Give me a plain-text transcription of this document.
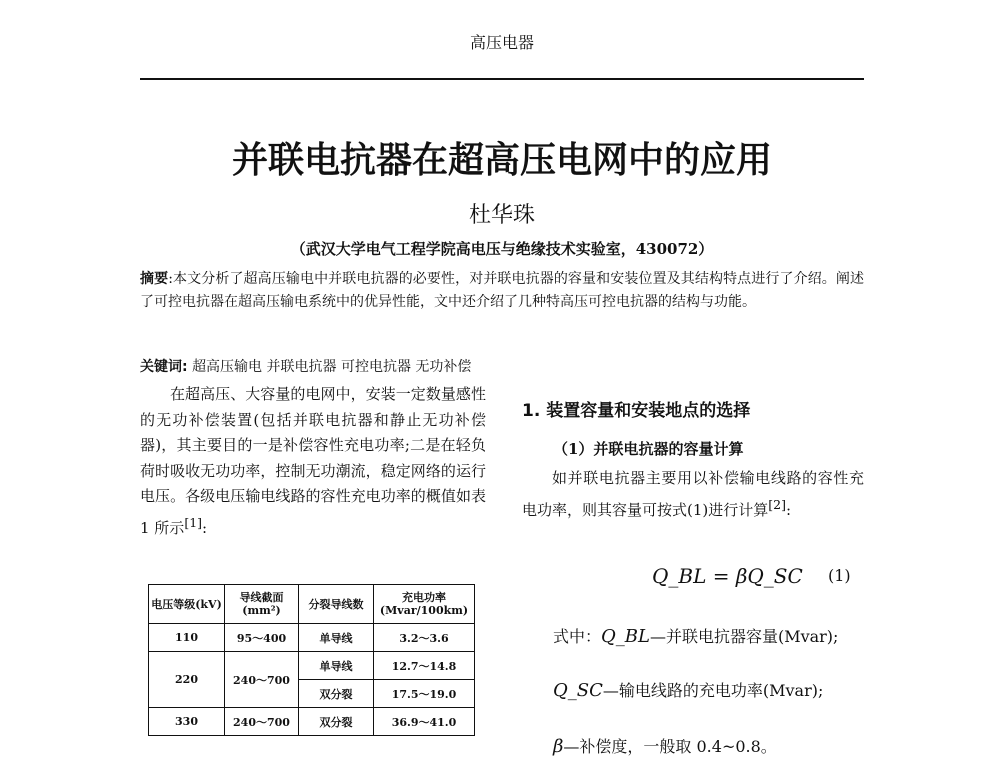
高压电器
并联电抗器在超高压电网中的应用
杜华珠
（武汉大学电气工程学院高电压与绝缘技术实验室，430072）
摘要:本文分析了超高压输电中并联电抗器的必要性，对并联电抗器的容量和安装位置及其结构特点进行了介绍。阐述了可控电抗器在超高压输电系统中的优异性能，文中还介绍了几种特高压可控电抗器的结构与功能。
关键词: 超高压输电 并联电抗器 可控电抗器 无功补偿

在超高压、大容量的电网中，安装一定数量感性的无功补偿装置(包括并联电抗器和静止无功补偿器)，其主要目的一是补偿容性充电功率;二是在轻负荷时吸收无功功率，控制无功潮流，稳定网络的运行电压。各级电压输电线路的容性充电功率的概值如表 1 所示[1]:

电压等级(kV)	导线截面(mm²)	分裂导线数	充电功率(Mvar/100km)
110	95～400	单导线	3.2～3.6
220	240～700	单导线	12.7～14.8
		双分裂	17.5～19.0
330	240～700	双分裂	36.9～41.0
1. 装置容量和安装地点的选择
（1）并联电抗器的容量计算

如并联电抗器主要用以补偿输电线路的容性充电功率，则其容量可按式(1)进行计算[2]:

Q_BL = βQ_SC (1)
式中：Q_BL—并联电抗器容量(Mvar);
Q_SC—输电线路的充电功率(Mvar);
β—补偿度，一般取 0.4~0.8。
